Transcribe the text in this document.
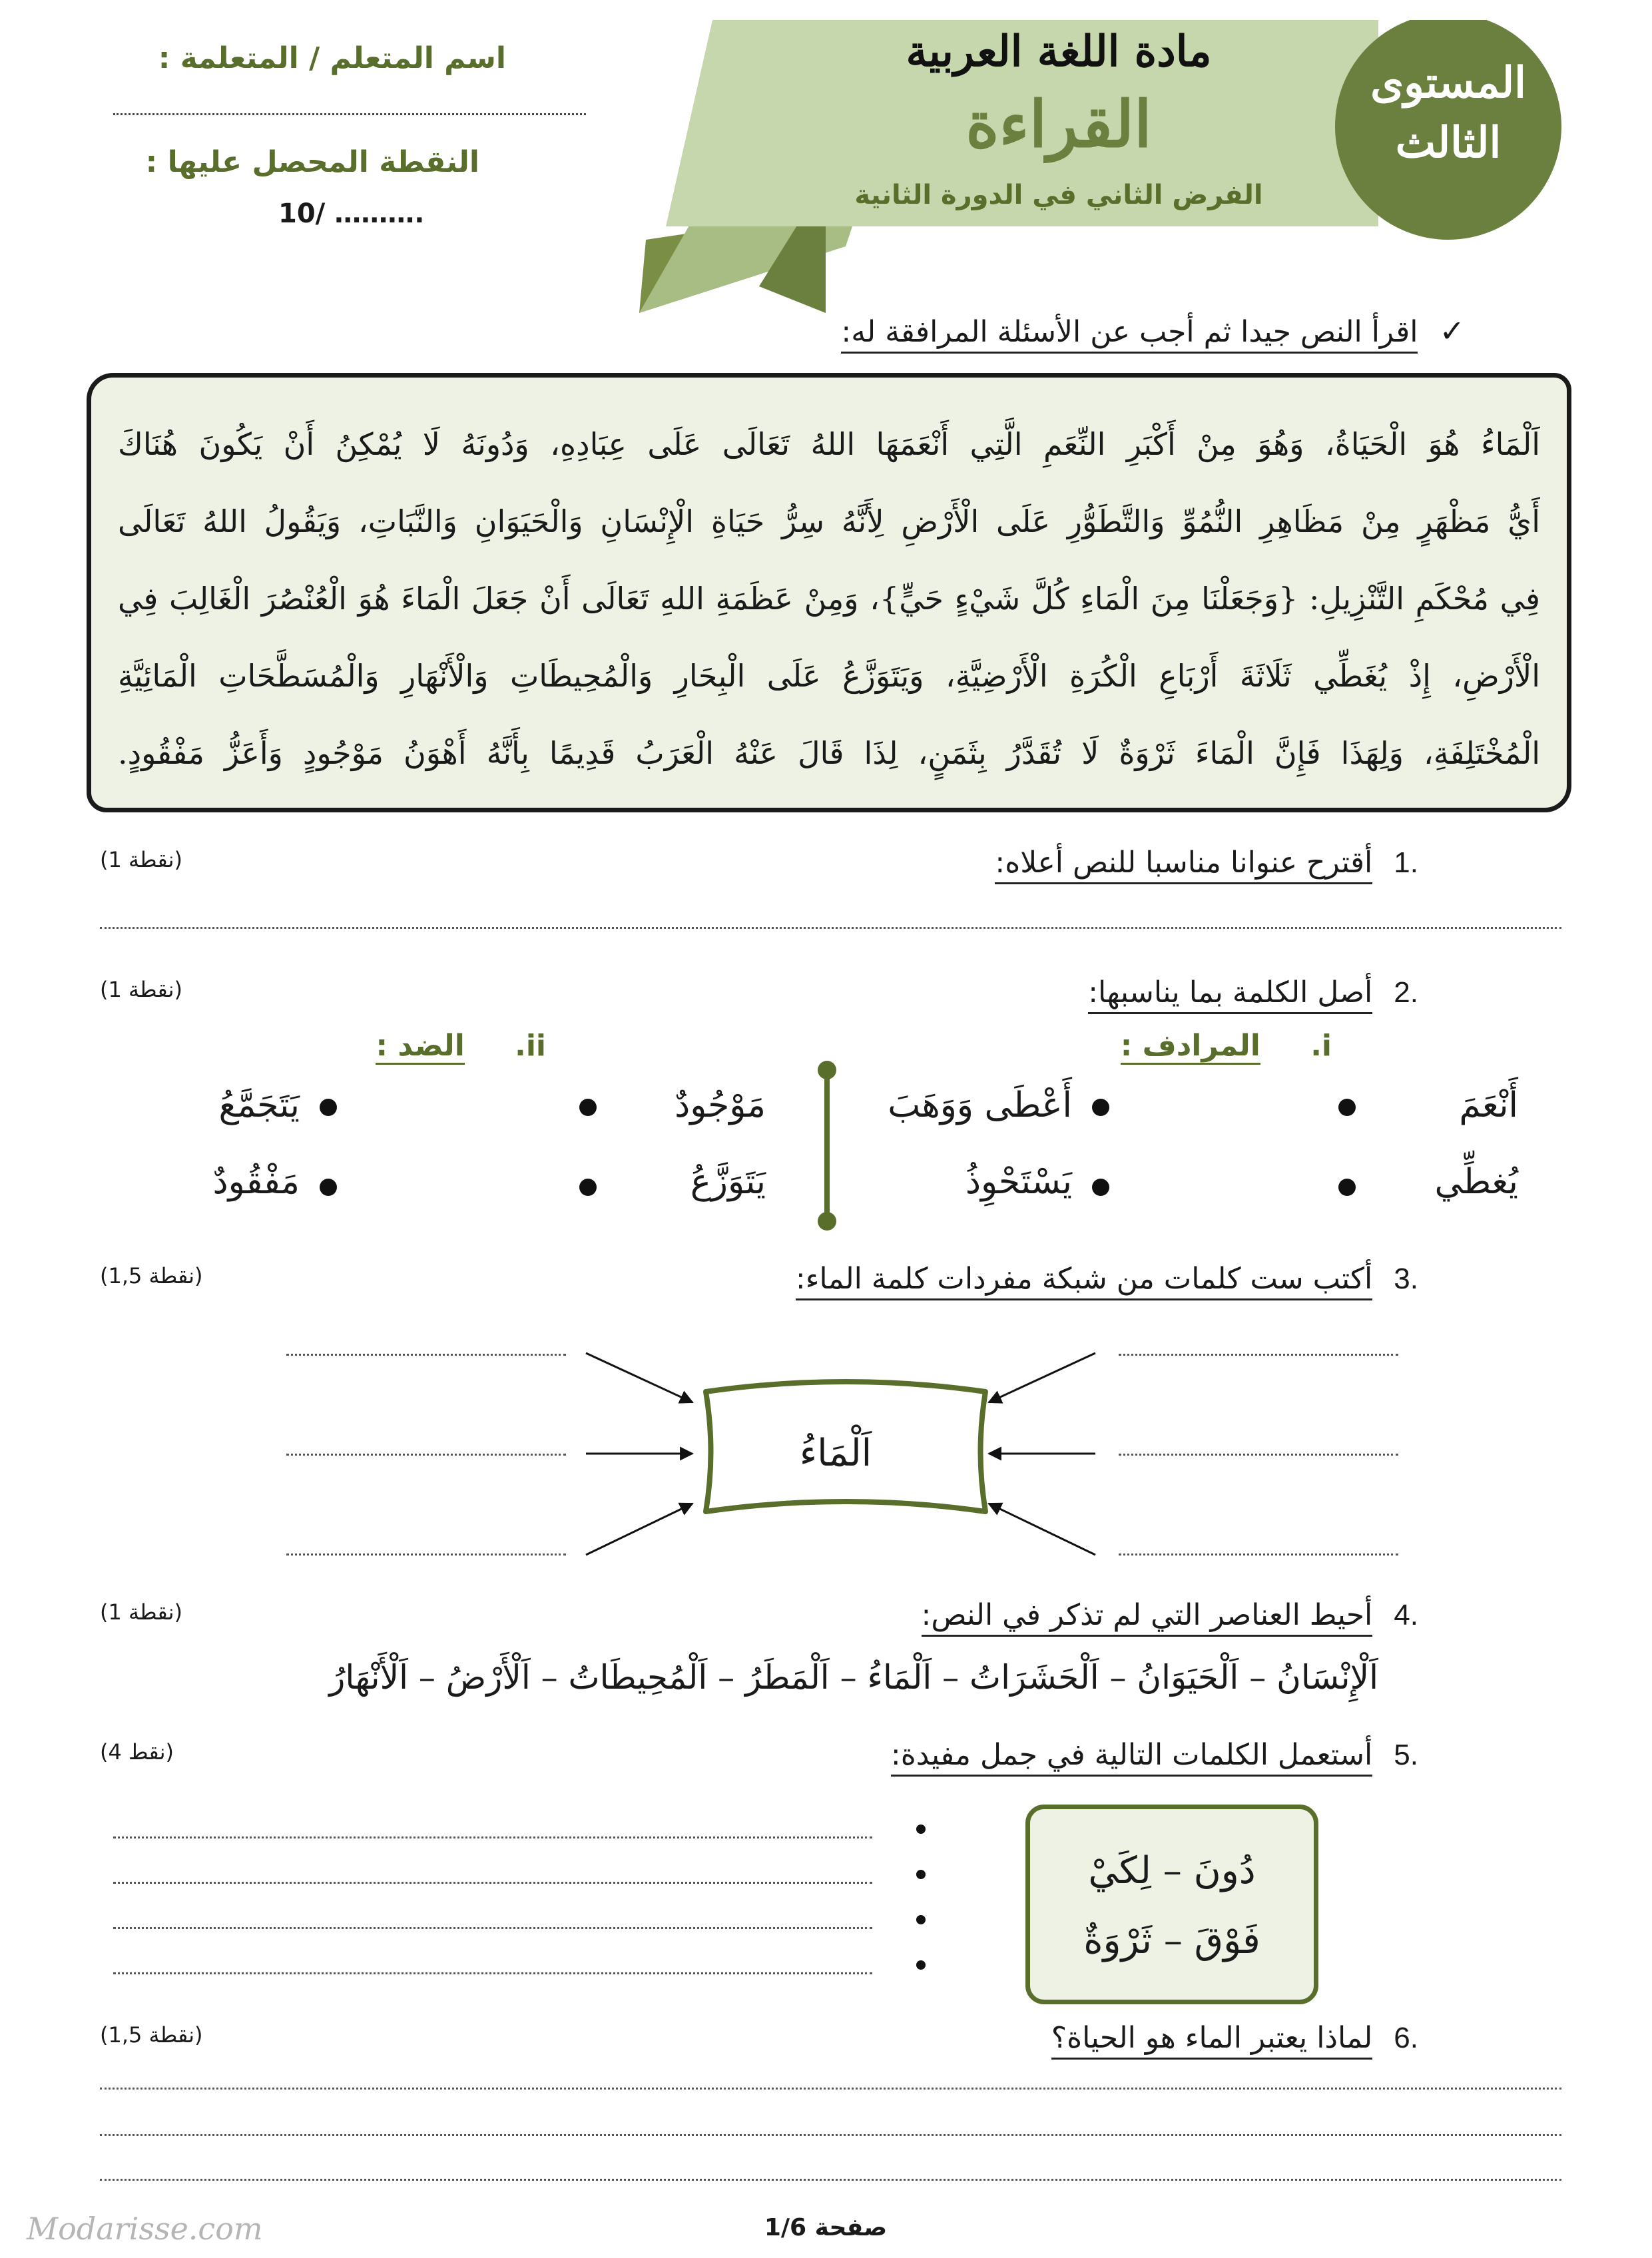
المستوى
الثالث
مادة اللغة العربية
القراءة
الفرض الثاني في الدورة الثانية
اسم المتعلم / المتعلمة :
النقطة المحصل عليها :
10/ ……….
✓ اقرأ النص جيدا ثم أجب عن الأسئلة المرافقة له:
اَلْمَاءُ هُوَ الْحَيَاةُ، وَهُوَ مِنْ أَكْبَرِ النِّعَمِ الَّتِي أَنْعَمَهَا اللهُ تَعَالَى عَلَى عِبَادِهِ، وَدُونَهُ لَا يُمْكِنُ أَنْ يَكُونَ هُنَاكَ
أَيُّ مَظْهَرٍ مِنْ مَظَاهِرِ النُّمُوِّ وَالتَّطَوُّرِ عَلَى الْأَرْضِ لِأَنَّهُ سِرُّ حَيَاةِ الْإِنْسَانِ وَالْحَيَوَانِ وَالنَّبَاتِ، وَيَقُولُ اللهُ تَعَالَى
فِي مُحْكَمِ التَّنْزِيلِ: {وَجَعَلْنَا مِنَ الْمَاءِ كُلَّ شَيْءٍ حَيٍّ}، وَمِنْ عَظَمَةِ اللهِ تَعَالَى أَنْ جَعَلَ الْمَاءَ هُوَ الْعُنْصُرَ الْغَالِبَ فِي
الْأَرْضِ، إِذْ يُغَطِّي ثَلَاثَةَ أَرْبَاعِ الْكُرَةِ الْأَرْضِيَّةِ، وَيَتَوَزَّعُ عَلَى الْبِحَارِ وَالْمُحِيطَاتِ وَالْأَنْهَارِ وَالْمُسَطَّحَاتِ الْمَائِيَّةِ
الْمُخْتَلِفَةِ، وَلِهَذَا فَإِنَّ الْمَاءَ ثَرْوَةٌ لَا تُقَدَّرُ بِثَمَنٍ، لِذَا قَالَ عَنْهُ الْعَرَبُ قَدِيمًا بِأَنَّهُ أَهْوَنُ مَوْجُودٍ وَأَعَزُّ مَفْقُودٍ.
.1 أقترح عنوانا مناسبا للنص أعلاه:
(1 نقطة)
.2 أصل الكلمة بما يناسبها:
(1 نقطة)
i. المرادف :
ii. الضد :
أَنْعَمَ
أَعْطَى وَوَهَبَ
يُغطِّي
يَسْتَحْوِذُ
مَوْجُودٌ
يَتَجَمَّعُ
يَتَوَزَّعُ
مَفْقُودٌ
.3 أكتب ست كلمات من شبكة مفردات كلمة الماء:
(1,5 نقطة)
اَلْمَاءُ
.4 أحيط العناصر التي لم تذكر في النص:
(1 نقطة)
اَلْإِنْسَانُ – اَلْحَيَوَانُ – اَلْحَشَرَاتُ – اَلْمَاءُ – اَلْمَطَرُ – اَلْمُحِيطَاتُ – اَلْأَرْضُ – اَلْأَنْهَارُ
.5 أستعمل الكلمات التالية في جمل مفيدة:
(4 نقط)
دُونَ – لِكَيْ
فَوْقَ – ثَرْوَةٌ
.6 لماذا يعتبر الماء هو الحياة؟
(1,5 نقطة)
Modarisse.com	صفحة 1/6
